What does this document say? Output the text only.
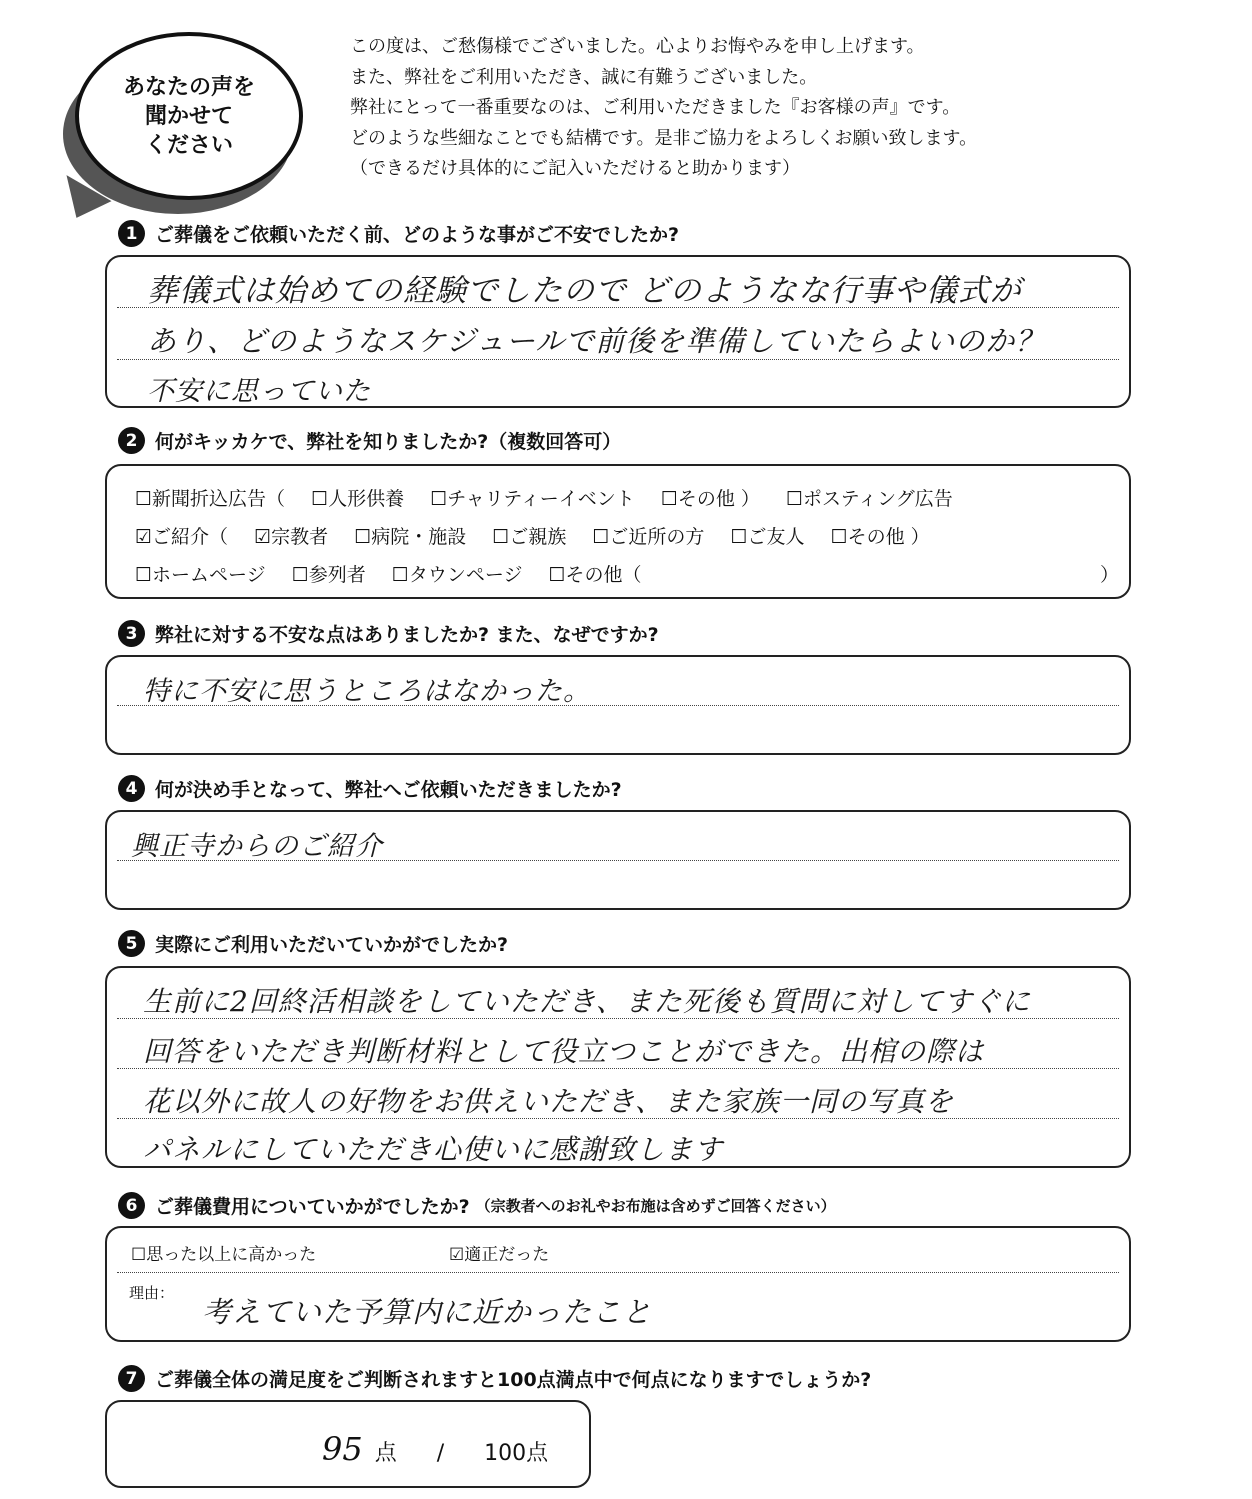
あなたの声を
聞かせて
ください

この度は、ご愁傷様でございました。心よりお悔やみを申し上げます。

また、弊社をご利用いただき、誠に有難うございました。

弊社にとって一番重要なのは、ご利用いただきました『お客様の声』です。

どのような些細なことでも結構です。是非ご協力をよろしくお願い致します。

（できるだけ具体的にご記入いただけると助かります）

1 ご葬儀をご依頼いただく前、どのような事がご不安でしたか?
葬儀式は始めての経験でしたので どのようなな行事や儀式が
あり、どのようなスケジュールで前後を準備していたらよいのか？
不安に思っていた
2 何がキッカケで、弊社を知りましたか?（複数回答可）
☐新聞折込広告（ ☐人形供養 ☐チャリティーイベント ☐その他 ） ☐ポスティング広告
☑ご紹介（ ☑宗教者 ☐病院・施設 ☐ご親族 ☐ご近所の方 ☐ご友人 ☐その他 ）
☐ホームページ ☐参列者 ☐タウンページ ☐その他（	）
3 弊社に対する不安な点はありましたか? また、なぜですか?
特に不安に思うところはなかった。
4 何が決め手となって、弊社へご依頼いただきましたか?
興正寺からのご紹介
5 実際にご利用いただいていかがでしたか?
生前に2回終活相談をしていただき、また死後も質問に対してすぐに
回答をいただき判断材料として役立つことができた。出棺の際は
花以外に故人の好物をお供えいただき、また家族一同の写真を
パネルにしていただき心使いに感謝致します
6 ご葬儀費用についていかがでしたか? （宗教者へのお礼やお布施は含めずご回答ください）
☐思った以上に高かった	☑適正だった
理由：
考えていた予算内に近かったこと
7 ご葬儀全体の満足度をご判断されますと100点満点中で何点になりますでしょうか?
95 点 / 100点
